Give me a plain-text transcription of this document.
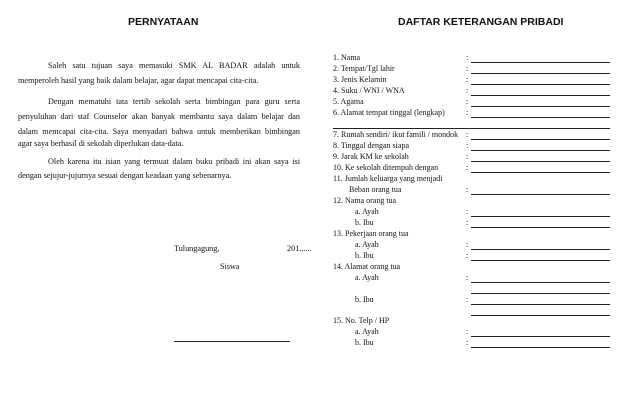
PERNYATAAN
Saleh satu tujuan saya memasuki SMK AL BADAR adalah untuk
memperoleh hasil yang baik dalam belajar, agar dapat mencapai cita-cita.
Dengan mematuhi tata tertib sekolah serta bimbingan para guru serta
penyuluhan dari staf Counselor akan banyak membantu saya dalam belajar dan
dalam memcapai cita-cita. Saya menyadari bahwa untuk memberikan bimbingan
agar saya berhasil di sekolah diperlukan data-data.
Oleh karena itu isian yang termuat dalam buku pribadi ini akan saya isi
dengan sejujur-jujurnya sesuai dengan keadaan yang sebenarnya.
Tulungagung,	201......
Siswa
DAFTAR KETERANGAN PRIBADI
1. Nama	:
2. Tempat/Tgl lahir	:
3. Jenis Kelamin	:
4. Suku / WNI / WNA	:
5. Agama	:
6. Alamat tempat tinggal (lengkap)	:
7. Rumah sendiri/ ikut famili / mondok :
8. Tinggal dengan siapa	:
9. Jarak KM ke sekolah	:
10. Ke sekolah ditempuh dengan	:
11. Jumlah keluarga yang menjadi
Beban orang tua	:
12. Nama orang tua
a. Ayah	:
b. Ibu	:
13. Pekerjaan orang tua
a. Ayah	:
b. Ibu	:
14. Alamat orang tua
a. Ayah	:
b. Ibu	:
15. No. Telp / HP
a. Ayah	:
b. Ibu	:
